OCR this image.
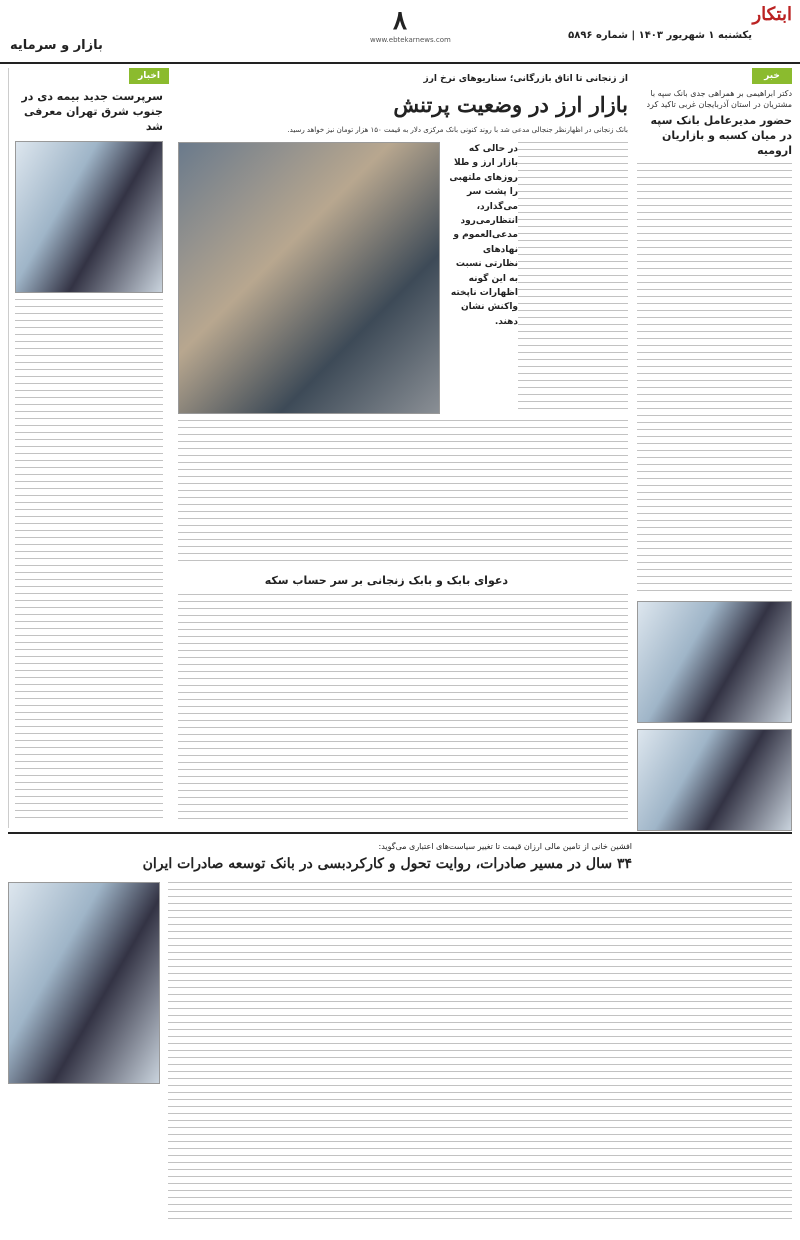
ابتکار
یکشنبه ۱ شهریور ۱۴۰۳ | شماره ۵۸۹۶
۸
www.ebtekarnews.com
بازار و سرمایه
خبر
دکتر ابراهیمی بر همراهی جدی بانک سپه با مشتریان در استان آذربایجان غربی تاکید کرد
حضور مدیرعامل بانک سپه در میان کسبه و بازاریان ارومیه
اخبار
سرپرست جدید بیمه دی در جنوب شرق تهران معرفی شد
از زنجانی تا اتاق بازرگانی؛ سناریوهای نرخ ارز
بازار ارز در وضعیت پرتنش
بانک زنجانی در اظهارنظر جنجالی مدعی شد با روند کنونی بانک مرکزی دلار به قیمت ۱۵۰ هزار تومان نیز خواهد رسید.
در حالی که بازار ارز و طلا روزهای ملتهبی را پشت سر می‌گذارد، انتظارمی‌رود مدعی‌العموم و نهادهای نظارتی نسبت به این گونه اظهارات ناپخته واکنش نشان دهند.
دعوای بابک و بابک زنجانی بر سر حساب سکه
افشین خانی از تامین مالی ارزان قیمت تا تغییر سیاست‌های اعتباری می‌گوید:
۳۴ سال در مسیر صادرات، روایت تحول و کارکردبسی در بانک توسعه صادرات ایران
